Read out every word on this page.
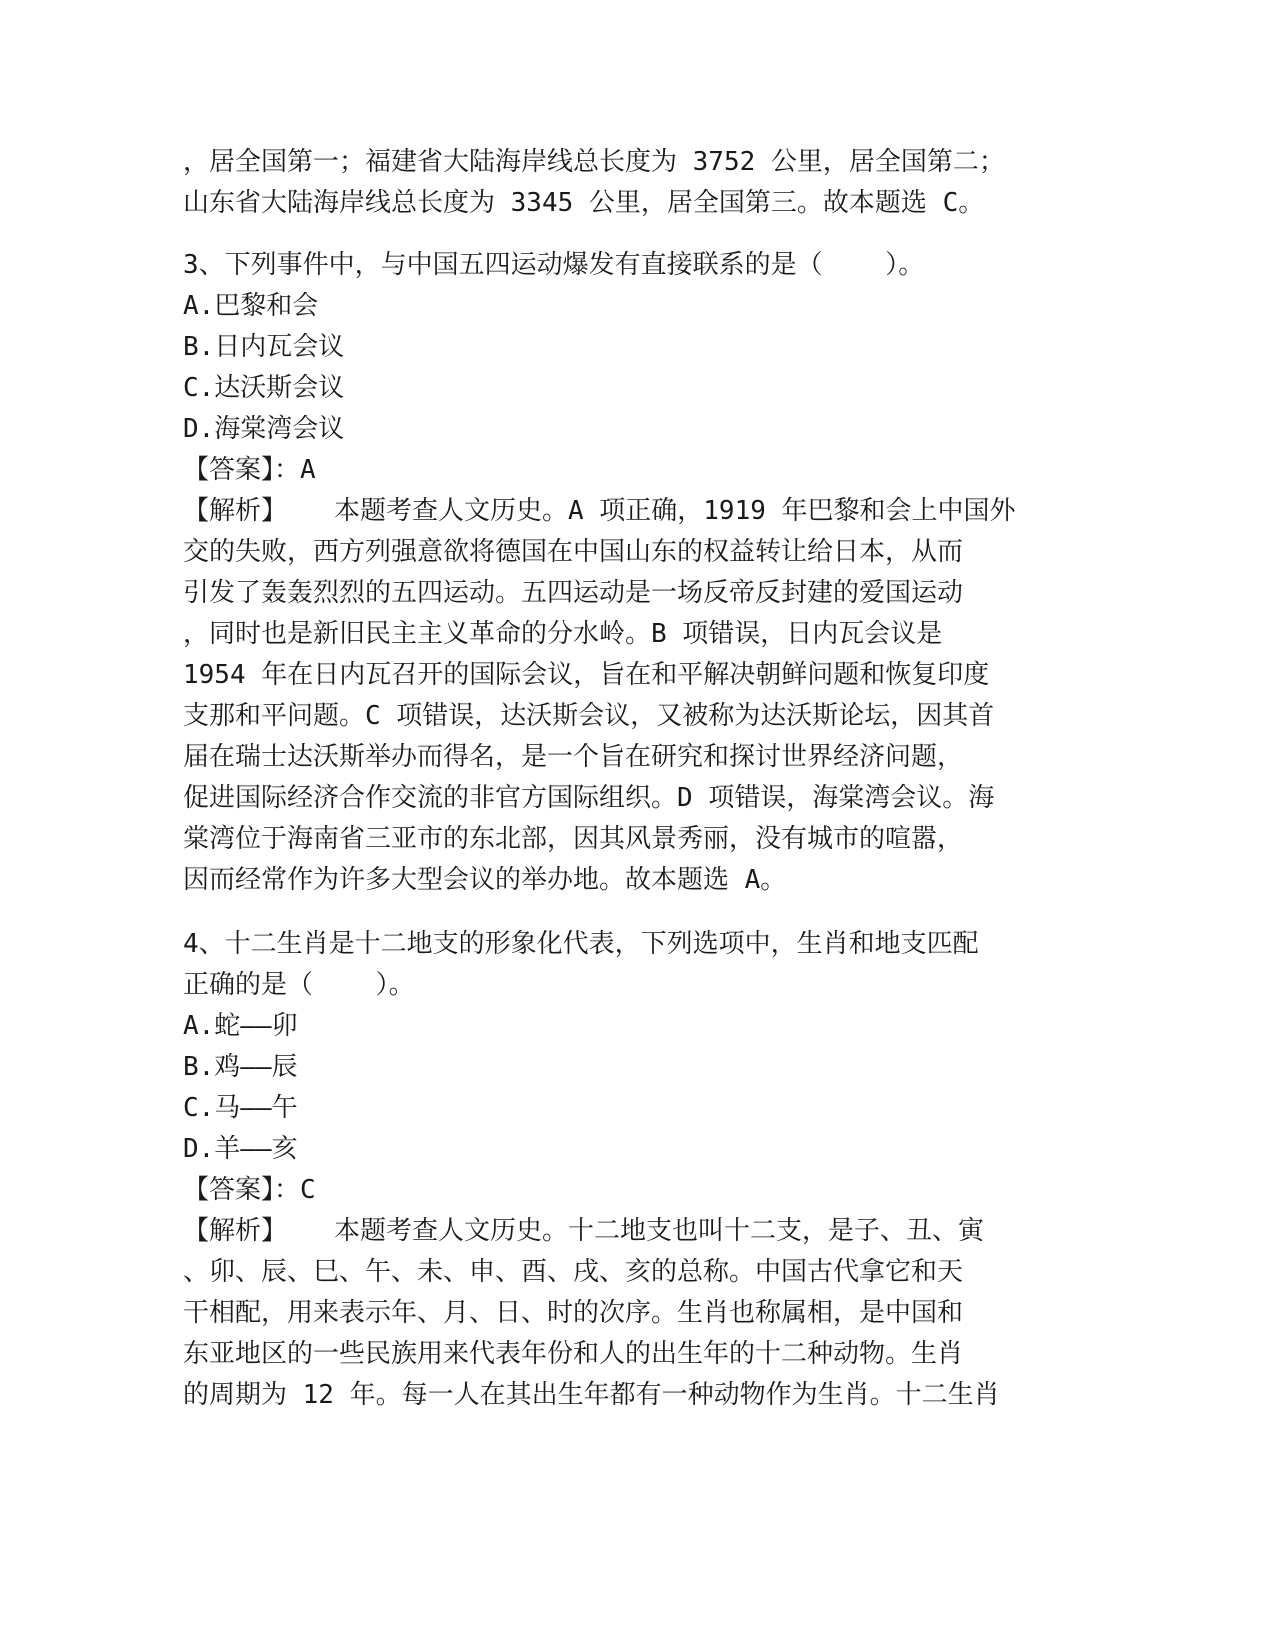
，居全国第一；福建省大陆海岸线总长度为 3752 公里，居全国第二；

山东省大陆海岸线总长度为 3345 公里，居全国第三。故本题选 C。

3、下列事件中，与中国五四运动爆发有直接联系的是（    ）。

A.巴黎和会

B.日内瓦会议

C.达沃斯会议

D.海棠湾会议

【答案】：A

【解析】   本题考查人文历史。A 项正确，1919 年巴黎和会上中国外

交的失败，西方列强意欲将德国在中国山东的权益转让给日本，从而

引发了轰轰烈烈的五四运动。五四运动是一场反帝反封建的爱国运动

，同时也是新旧民主主义革命的分水岭。B 项错误，日内瓦会议是

1954 年在日内瓦召开的国际会议，旨在和平解决朝鲜问题和恢复印度

支那和平问题。C 项错误，达沃斯会议，又被称为达沃斯论坛，因其首

届在瑞士达沃斯举办而得名，是一个旨在研究和探讨世界经济问题，

促进国际经济合作交流的非官方国际组织。D 项错误，海棠湾会议。海

棠湾位于海南省三亚市的东北部，因其风景秀丽，没有城市的喧嚣，

因而经常作为许多大型会议的举办地。故本题选 A。

4、十二生肖是十二地支的形象化代表，下列选项中，生肖和地支匹配

正确的是（    ）。

A.蛇——卯

B.鸡——辰

C.马——午

D.羊——亥

【答案】：C

【解析】   本题考查人文历史。十二地支也叫十二支，是子、丑、寅

、卯、辰、巳、午、未、申、酉、戌、亥的总称。中国古代拿它和天

干相配，用来表示年、月、日、时的次序。生肖也称属相，是中国和

东亚地区的一些民族用来代表年份和人的出生年的十二种动物。生肖

的周期为 12 年。每一人在其出生年都有一种动物作为生肖。十二生肖
